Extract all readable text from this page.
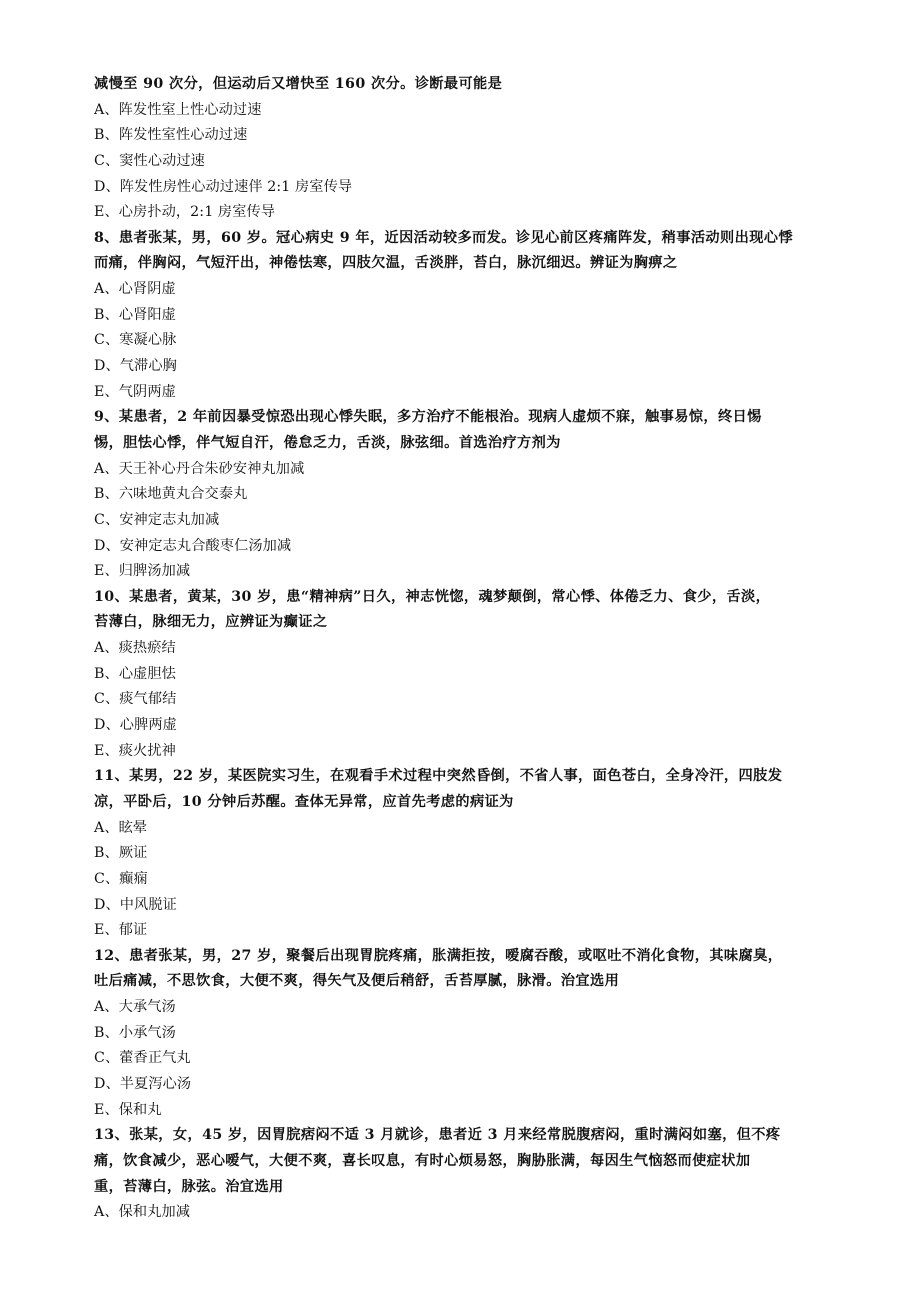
减慢至 90 次分，但运动后又增快至 160 次分。诊断最可能是
A、阵发性室上性心动过速
B、阵发性室性心动过速
C、窦性心动过速
D、阵发性房性心动过速伴 2:1 房室传导
E、心房扑动，2:1 房室传导
8、患者张某，男，60 岁。冠心病史 9 年，近因活动较多而发。诊见心前区疼痛阵发，稍事活动则出现心悸
而痛，伴胸闷，气短汗出，神倦怯寒，四肢欠温，舌淡胖，苔白，脉沉细迟。辨证为胸痹之
A、心肾阴虚
B、心肾阳虚
C、寒凝心脉
D、气滞心胸
E、气阴两虚
9、某患者，2 年前因暴受惊恐出现心悸失眠，多方治疗不能根治。现病人虚烦不寐，触事易惊，终日惕
惕，胆怯心悸，伴气短自汗，倦怠乏力，舌淡，脉弦细。首选治疗方剂为
A、天王补心丹合朱砂安神丸加减
B、六味地黄丸合交泰丸
C、安神定志丸加减
D、安神定志丸合酸枣仁汤加减
E、归脾汤加减
10、某患者，黄某，30 岁，患“精神病”日久，神志恍惚，魂梦颠倒，常心悸、体倦乏力、食少，舌淡，
苔薄白，脉细无力，应辨证为癫证之
A、痰热瘀结
B、心虚胆怯
C、痰气郁结
D、心脾两虚
E、痰火扰神
11、某男，22 岁，某医院实习生，在观看手术过程中突然昏倒，不省人事，面色苍白，全身冷汗，四肢发
凉，平卧后，10 分钟后苏醒。查体无异常，应首先考虑的病证为
A、眩晕
B、厥证
C、癫痫
D、中风脱证
E、郁证
12、患者张某，男，27 岁，聚餐后出现胃脘疼痛，胀满拒按，嗳腐吞酸，或呕吐不消化食物，其味腐臭，
吐后痛减，不思饮食，大便不爽，得矢气及便后稍舒，舌苔厚腻，脉滑。治宜选用
A、大承气汤
B、小承气汤
C、藿香正气丸
D、半夏泻心汤
E、保和丸
13、张某，女，45 岁，因胃脘痞闷不适 3 月就诊，患者近 3 月来经常脱腹痞闷，重时满闷如塞，但不疼
痛，饮食减少，恶心嗳气，大便不爽，喜长叹息，有时心烦易怒，胸胁胀满，每因生气恼怒而使症状加
重，苔薄白，脉弦。治宜选用
A、保和丸加减
